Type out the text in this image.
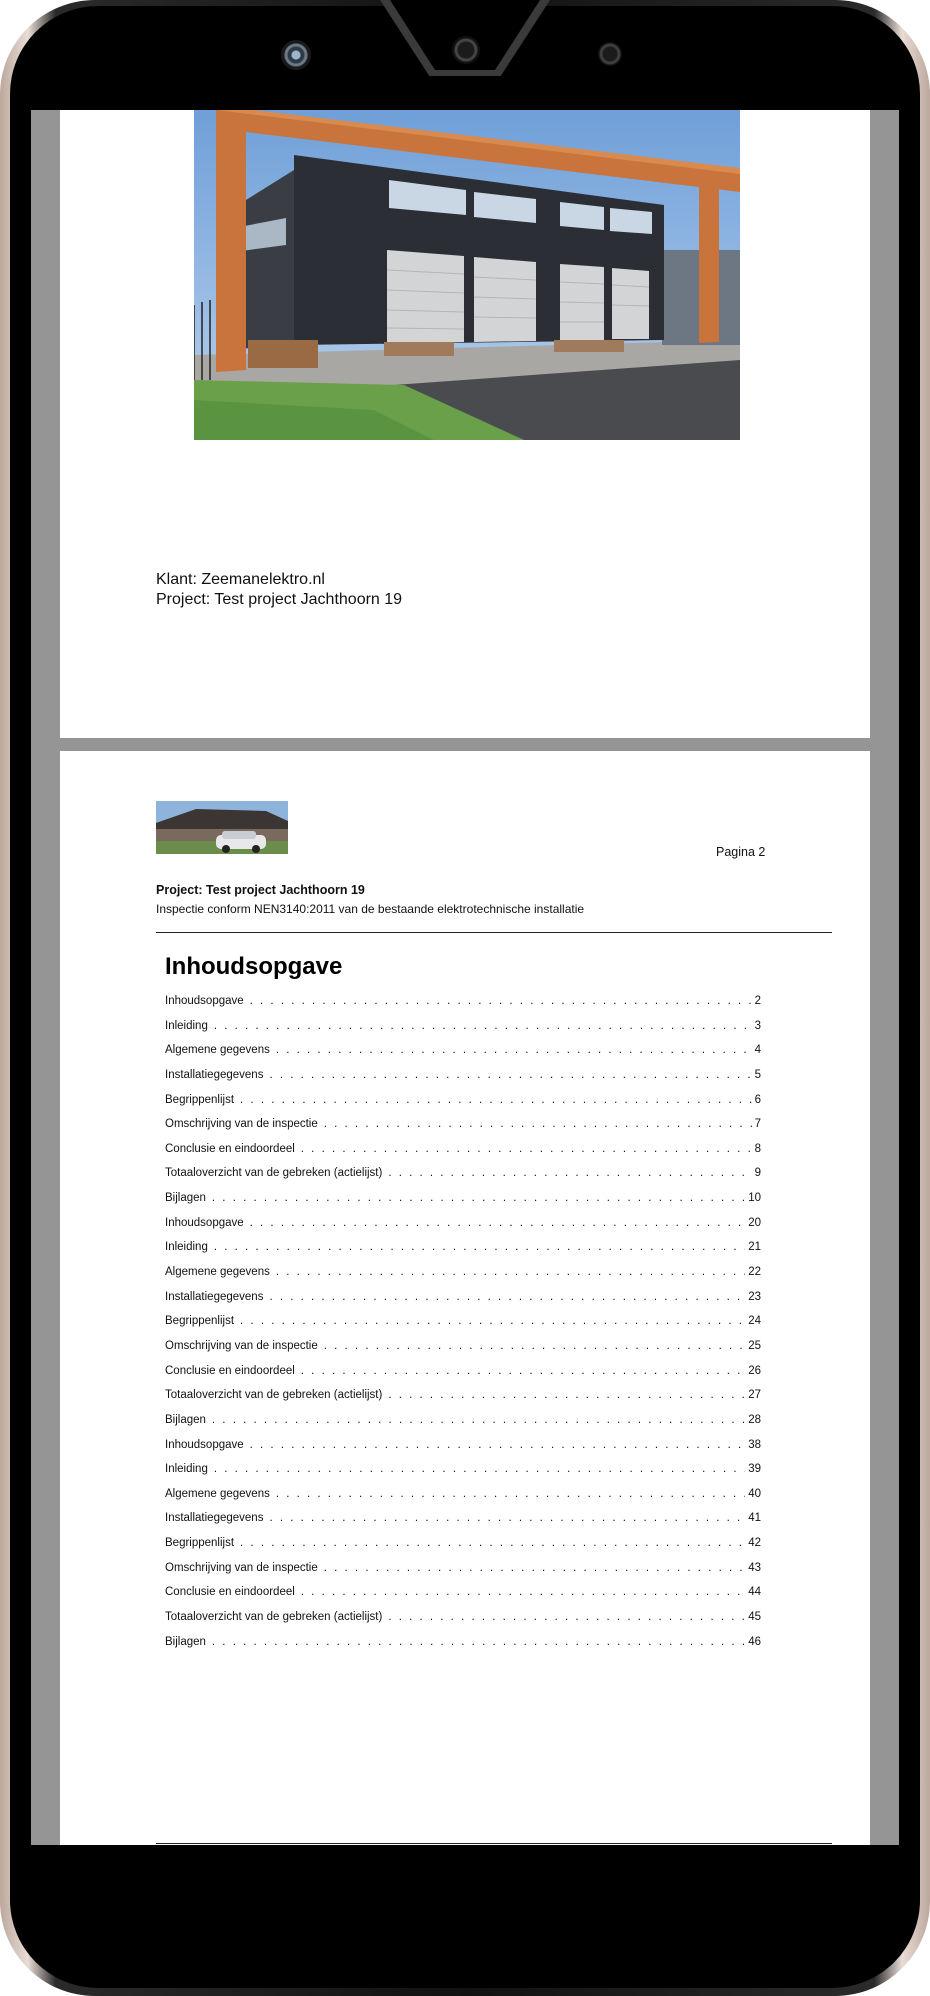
Klant: Zeemanelektro.nl
Project: Test project Jachthoorn 19
Pagina 2
Project: Test project Jachthoorn 19
Inspectie conform NEN3140:2011 van de bestaande elektrotechnische installatie
Inhoudsopgave
Inhoudsopgave . . .	2
Inleiding . . .	3
Algemene gegevens . . .	4
Installatiegegevens . . .	5
Begrippenlijst . . .	6
Omschrijving van de inspectie . . .	7
Conclusie en eindoordeel . . .	8
Totaaloverzicht van de gebreken (actielijst) . . .	9
Bijlagen . . .	10
Inhoudsopgave . . .	20
Inleiding . . .	21
Algemene gegevens . . .	22
Installatiegegevens . . .	23
Begrippenlijst . . .	24
Omschrijving van de inspectie . . .	25
Conclusie en eindoordeel . . .	26
Totaaloverzicht van de gebreken (actielijst) . . .	27
Bijlagen . . .	28
Inhoudsopgave . . .	38
Inleiding . . .	39
Algemene gegevens . . .	40
Installatiegegevens . . .	41
Begrippenlijst . . .	42
Omschrijving van de inspectie . . .	43
Conclusie en eindoordeel . . .	44
Totaaloverzicht van de gebreken (actielijst) . . .	45
Bijlagen . . .	46
